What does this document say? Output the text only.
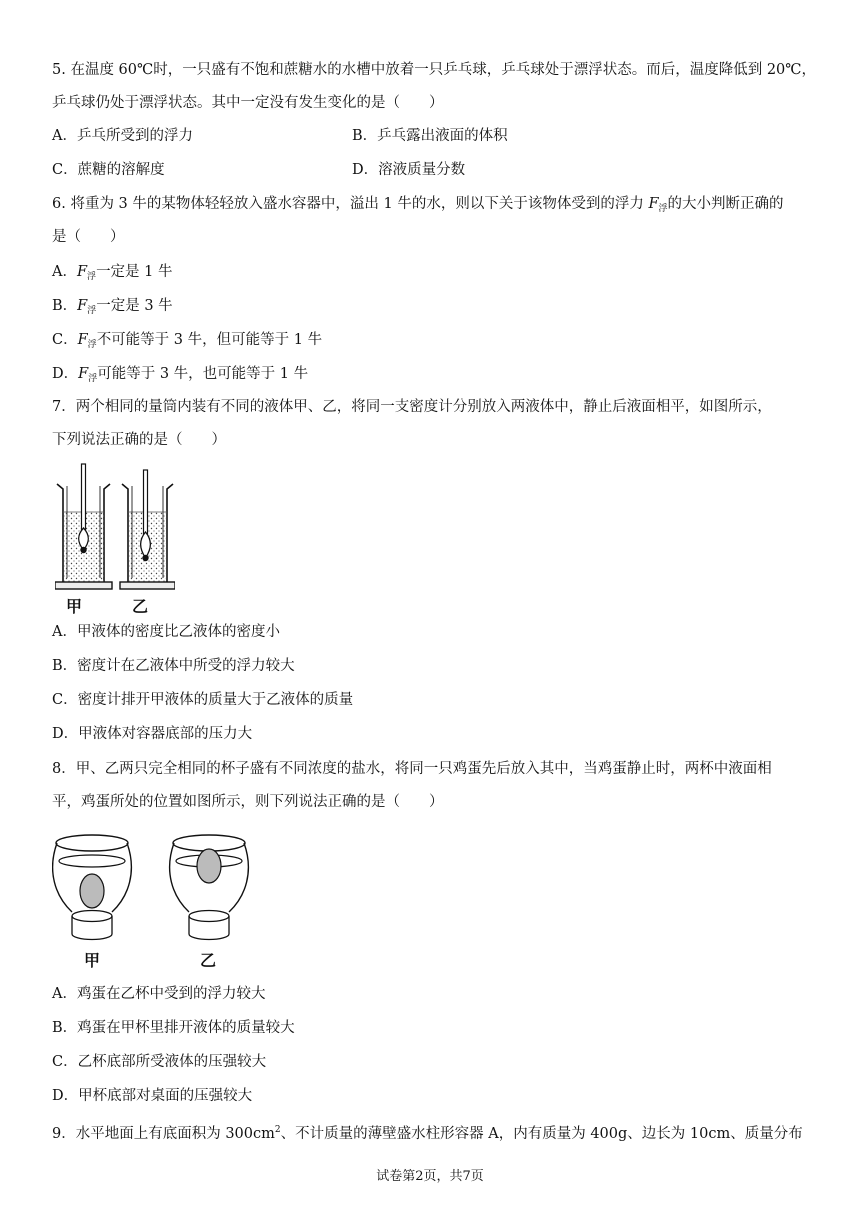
5. 在温度 60℃时，一只盛有不饱和蔗糖水的水槽中放着一只乒乓球，乒乓球处于漂浮状态。而后，温度降低到 20℃，
乒乓球仍处于漂浮状态。其中一定没有发生变化的是（　　）
A．乒乓所受到的浮力	B．乒乓露出液面的体积
C．蔗糖的溶解度	D．溶液质量分数
6. 将重为 3 牛的某物体轻轻放入盛水容器中，溢出 1 牛的水，则以下关于该物体受到的浮力 $F_浮$的大小判断正确的
是（　　）
A．$F_浮$一定是 1 牛
B．$F_浮$一定是 3 牛
C．$F_浮$不可能等于 3 牛，但可能等于 1 牛
D．$F_浮$可能等于 3 牛，也可能等于 1 牛
7．两个相同的量筒内装有不同的液体甲、乙，将同一支密度计分别放入两液体中，静止后液面相平，如图所示，
下列说法正确的是（　　）
甲	乙
A．甲液体的密度比乙液体的密度小
B．密度计在乙液体中所受的浮力较大
C．密度计排开甲液体的质量大于乙液体的质量
D．甲液体对容器底部的压力大
8．甲、乙两只完全相同的杯子盛有不同浓度的盐水，将同一只鸡蛋先后放入其中，当鸡蛋静止时，两杯中液面相
平，鸡蛋所处的位置如图所示，则下列说法正确的是（　　）
甲	乙
A．鸡蛋在乙杯中受到的浮力较大
B．鸡蛋在甲杯里排开液体的质量较大
C．乙杯底部所受液体的压强较大
D．甲杯底部对桌面的压强较大
9．水平地面上有底面积为 $300cm^2$、不计质量的薄壁盛水柱形容器 A，内有质量为 400g、边长为 10cm、质量分布
试卷第2页，共7页
